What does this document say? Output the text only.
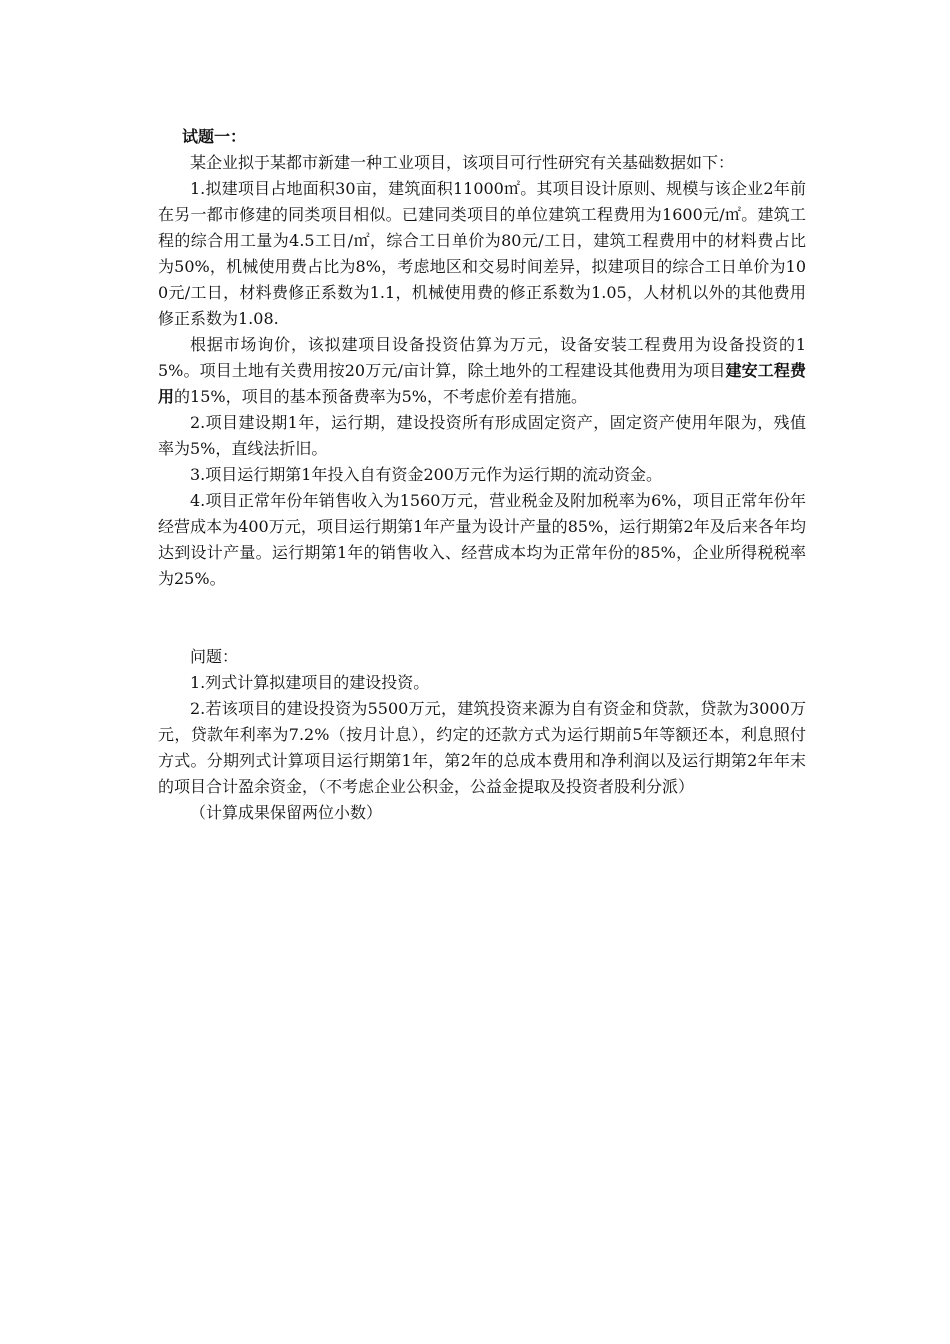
试题一：

某企业拟于某都市新建一种工业项目，该项目可行性研究有关基础数据如下：

1.拟建项目占地面积30亩，建筑面积11000㎡。其项目设计原则、规模与该企业2年前在另一都市修建的同类项目相似。已建同类项目的单位建筑工程费用为1600元/㎡。建筑工程的综合用工量为4.5工日/㎡，综合工日单价为80元/工日，建筑工程费用中的材料费占比为50%，机械使用费占比为8%，考虑地区和交易时间差异，拟建项目的综合工日单价为100元/工日，材料费修正系数为1.1，机械使用费的修正系数为1.05，人材机以外的其他费用修正系数为1.08.

根据市场询价，该拟建项目设备投资估算为万元，设备安装工程费用为设备投资的15%。项目土地有关费用按20万元/亩计算，除土地外的工程建设其他费用为项目建安工程费用的15%，项目的基本预备费率为5%，不考虑价差有措施。

2.项目建设期1年，运行期，建设投资所有形成固定资产，固定资产使用年限为，残值率为5%，直线法折旧。

3.项目运行期第1年投入自有资金200万元作为运行期的流动资金。

4.项目正常年份年销售收入为1560万元，营业税金及附加税率为6%，项目正常年份年经营成本为400万元，项目运行期第1年产量为设计产量的85%，运行期第2年及后来各年均达到设计产量。运行期第1年的销售收入、经营成本均为正常年份的85%，企业所得税税率为25%。

问题：

1.列式计算拟建项目的建设投资。

2.若该项目的建设投资为5500万元，建筑投资来源为自有资金和贷款，贷款为3000万元，贷款年利率为7.2%（按月计息），约定的还款方式为运行期前5年等额还本，利息照付方式。分期列式计算项目运行期第1年，第2年的总成本费用和净利润以及运行期第2年年末的项目合计盈余资金，（不考虑企业公积金，公益金提取及投资者股利分派）

（计算成果保留两位小数）
